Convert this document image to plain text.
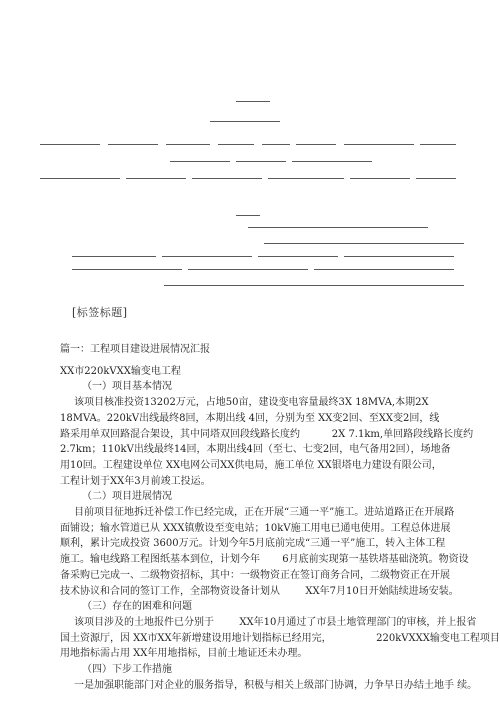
[标签标题]

篇一：工程项目建设进展情况汇报

XX市220kVXX输变电工程

（一）项目基本情况

该项目核准投资13202万元，占地50亩，建设变电容量最终3X 18MVA,本期2X

18MVA。220kV出线最终8回，本期出线 4回，分别为至 XX变2回、至XX变2回，线

路采用单双回路混合架设，其中同塔双回段线路长度约          2X 7.1km,单回路段线路长度约

2.7km；110kV出线最终14回，本期出线4回（至七、七变2回，电气备用2回），场地备

用10回。工程建设单位 XX电网公司XX供电局，施工单位 XX银塔电力建设有限公司，

工程计划于XX年3月前竣工投运。

（二）项目进展情况

目前项目征地拆迁补偿工作已经完成，正在开展“三通一平”施工。进站道路正在开展路

面铺设；输水管道已从 XXX镇敷设至变电站；10kV施工用电已通电使用。工程总体进展

顺利，累计完成投资 3600万元。计划今年5月底前完成“三通一平”施工，转入主体工程

施工。输电线路工程图纸基本到位，计划今年       6月底前实现第一基铁塔基础浇筑。物资设

备采购已完成一、二级物资招标，其中：一级物资正在签订商务合同，二级物资正在开展

技术协议和合同的签订工作，全部物资设备计划从        XX年7月10日开始陆续进场安装。

（三）存在的困难和问题

该项目涉及的土地报件已分别于        XX年10月通过了市县土地管理部门的审核，并上报省

国土资源厅，因 XX市XX年新增建设用地计划指标已经用完，              220kVXXX输变电工程项目

用地指标需占用 XX年用地指标，目前土地证还未办理。

（四）下步工作措施

一是加强职能部门对企业的服务指导，积极与相关上级部门协调，力争早日办结土地手 续。
